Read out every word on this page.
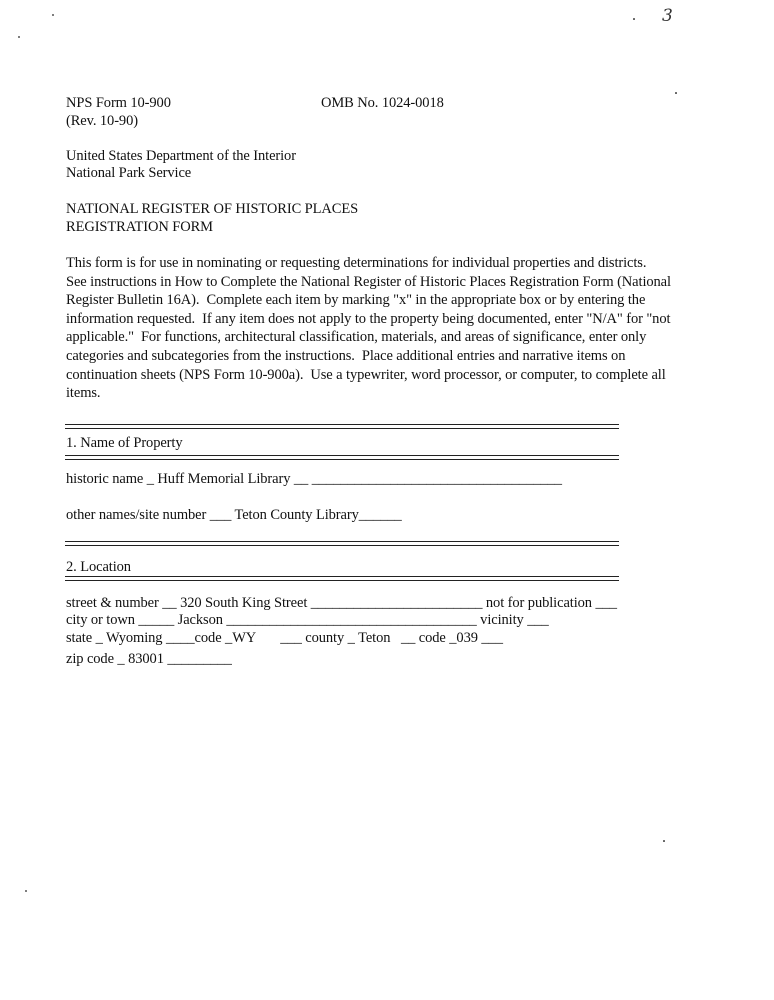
3
NPS Form 10-900
(Rev. 10-90)
OMB No. 1024-0018
United States Department of the Interior
National Park Service
NATIONAL REGISTER OF HISTORIC PLACES
REGISTRATION FORM
This form is for use in nominating or requesting determinations for individual properties and districts.
See instructions in How to Complete the National Register of Historic Places Registration Form (National
Register Bulletin 16A).  Complete each item by marking "x" in the appropriate box or by entering the
information requested.  If any item does not apply to the property being documented, enter "N/A" for "not
applicable."  For functions, architectural classification, materials, and areas of significance, enter only
categories and subcategories from the instructions.  Place additional entries and narrative items on
continuation sheets (NPS Form 10-900a).  Use a typewriter, word processor, or computer, to complete all
items.
1. Name of Property
historic name _ Huff Memorial Library __ ___________________________________
other names/site number ___ Teton County Library______
2. Location
street & number __ 320 South King Street ________________________ not for publication ___
city or town _____ Jackson ___________________________________ vicinity ___
state _ Wyoming ____code _WY       ___ county _ Teton   __ code _039 ___
zip code _ 83001 _________
